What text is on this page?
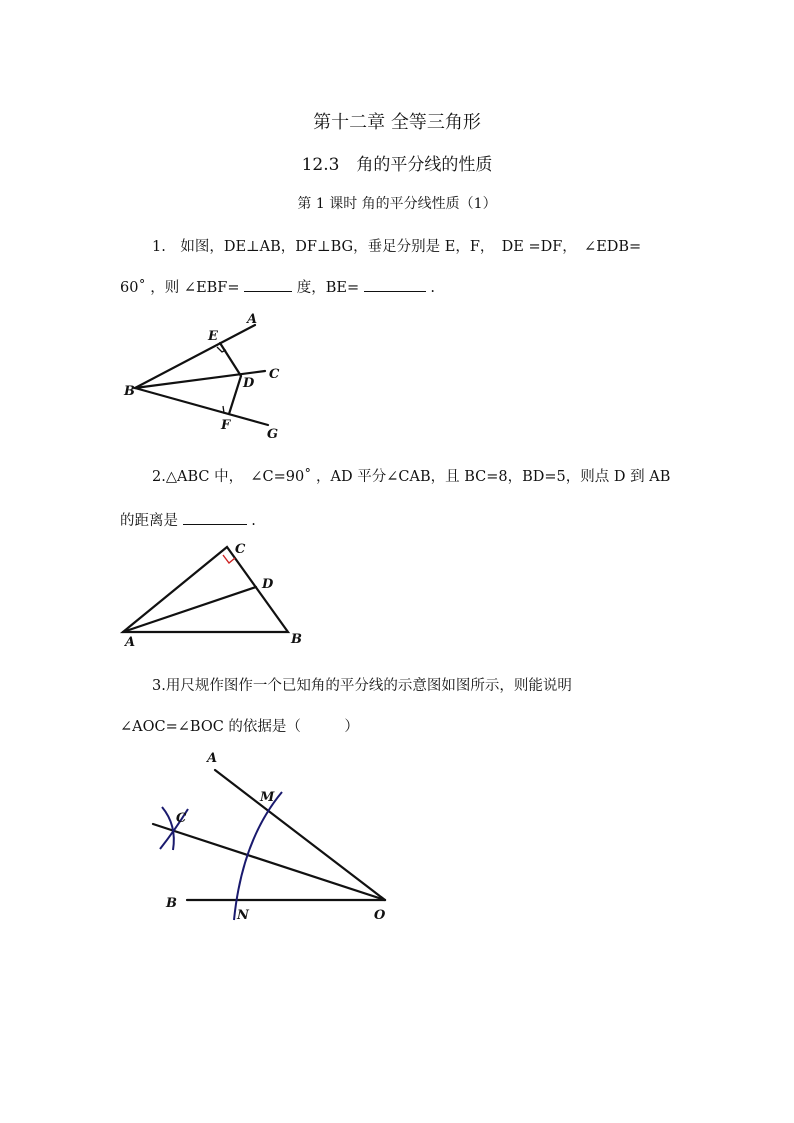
第十二章 全等三角形
12.3　角的平分线的性质
第 1 课时 角的平分线性质（1）
1.　如图，DE⊥AB，DF⊥BG，垂足分别是 E，F，　DE =DF，　∠EDB=
60˚ ，则 ∠EBF=	度，BE=	.
A
E
C
B
D
F
G
2.△ABC 中，　∠C=90˚ ，AD 平分∠CAB，且 BC=8，BD=5，则点 D 到 AB
的距离是	.
C
D
A	B
3.用尺规作图作一个已知角的平分线的示意图如图所示，则能说明
∠AOC=∠BOC 的依据是（　　　）
A
M
C
B
N	O
